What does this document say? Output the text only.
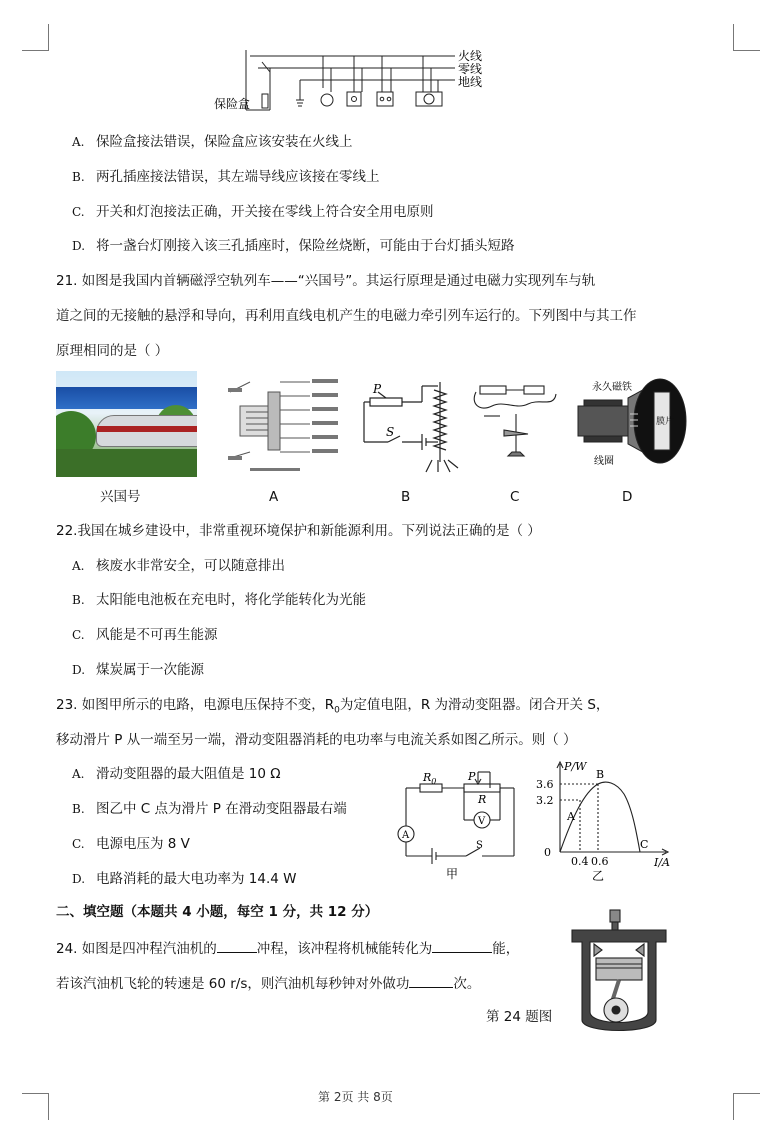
火线
零线
地线
保险盒
A. 保险盒接法错误，保险盒应该安装在火线上
B. 两孔插座接法错误，其左端导线应该接在零线上
C. 开关和灯泡接法正确，开关接在零线上符合安全用电原则
D. 将一盏台灯刚接入该三孔插座时，保险丝烧断，可能由于台灯插头短路
21. 如图是我国内首辆磁浮空轨列车——“兴国号”。其运行原理是通过电磁力实现列车与轨
道之间的无接触的悬浮和导向，再利用直线电机产生的电磁力牵引列车运行的。下列图中与其工作
原理相同的是（ ）
P
S
永久磁铁
线圈
膜片
兴国号	A	B	C	D
22.我国在城乡建设中，非常重视环境保护和新能源利用。下列说法正确的是（ ）
A. 核废水非常安全，可以随意排出
B. 太阳能电池板在充电时，将化学能转化为光能
C. 风能是不可再生能源
D. 煤炭属于一次能源
23. 如图甲所示的电路，电源电压保持不变，$R_0$为定值电阻，R 为滑动变阻器。闭合开关 S，
移动滑片 P 从一端至另一端，滑动变阻器消耗的电功率与电流关系如图乙所示。则（ ）
A. 滑动变阻器的最大阻值是 10 Ω
B. 图乙中 C 点为滑片 P 在滑动变阻器最右端
C. 电源电压为 8 V
D. 电路消耗的最大电功率为 14.4 W
$R_0$	P
R
V
A
S
甲
P/W
I/A
3.6
3.2
0.4 0.6
0
A
B
C
乙
二、填空题（本题共 4 小题，每空 1 分，共 12 分）
24. 如图是四冲程汽油机的	冲程，该冲程将机械能转化为	能，
若该汽油机飞轮的转速是 60 r/s，则汽油机每秒钟对外做功	次。
第 24 题图
第 2页 共 8页
